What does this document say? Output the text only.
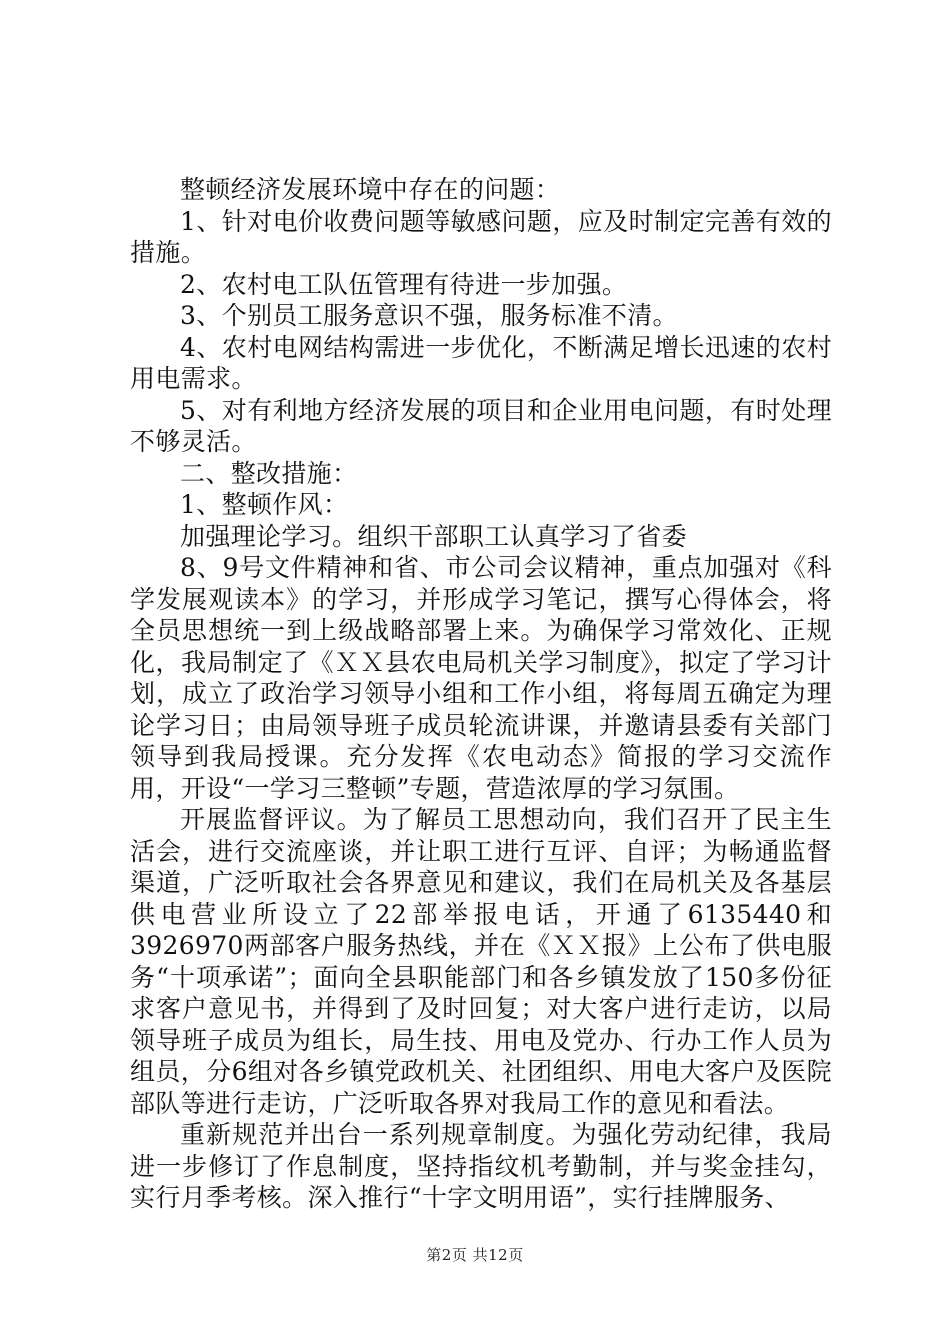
整顿经济发展环境中存在的问题：

1、针对电价收费问题等敏感问题，应及时制定完善有效的措施。

2、农村电工队伍管理有待进一步加强。

3、个别员工服务意识不强，服务标准不清。

4、农村电网结构需进一步优化，不断满足增长迅速的农村用电需求。

5、对有利地方经济发展的项目和企业用电问题，有时处理不够灵活。

二、整改措施：

1、整顿作风：

加强理论学习。组织干部职工认真学习了省委

8、9号文件精神和省、市公司会议精神，重点加强对《科学发展观读本》的学习，并形成学习笔记，撰写心得体会，将全员思想统一到上级战略部署上来。为确保学习常效化、正规化，我局制定了《ＸＸ县农电局机关学习制度》，拟定了学习计划，成立了政治学习领导小组和工作小组，将每周五确定为理论学习日；由局领导班子成员轮流讲课，并邀请县委有关部门领导到我局授课。充分发挥《农电动态》简报的学习交流作用，开设“一学习三整顿”专题，营造浓厚的学习氛围。

开展监督评议。为了解员工思想动向，我们召开了民主生活会，进行交流座谈，并让职工进行互评、自评；为畅通监督渠道，广泛听取社会各界意见和建议，我们在局机关及各基层供电营业所设立了22部举报电话，开通了6135440和3926970两部客户服务热线，并在《ＸＸ报》上公布了供电服务“十项承诺”；面向全县职能部门和各乡镇发放了150多份征求客户意见书，并得到了及时回复；对大客户进行走访，以局领导班子成员为组长，局生技、用电及党办、行办工作人员为组员，分6组对各乡镇党政机关、社团组织、用电大客户及医院部队等进行走访，广泛听取各界对我局工作的意见和看法。

重新规范并出台一系列规章制度。为强化劳动纪律，我局进一步修订了作息制度，坚持指纹机考勤制，并与奖金挂勾，实行月季考核。深入推行“十字文明用语”，实行挂牌服务、

第2页 共12页
